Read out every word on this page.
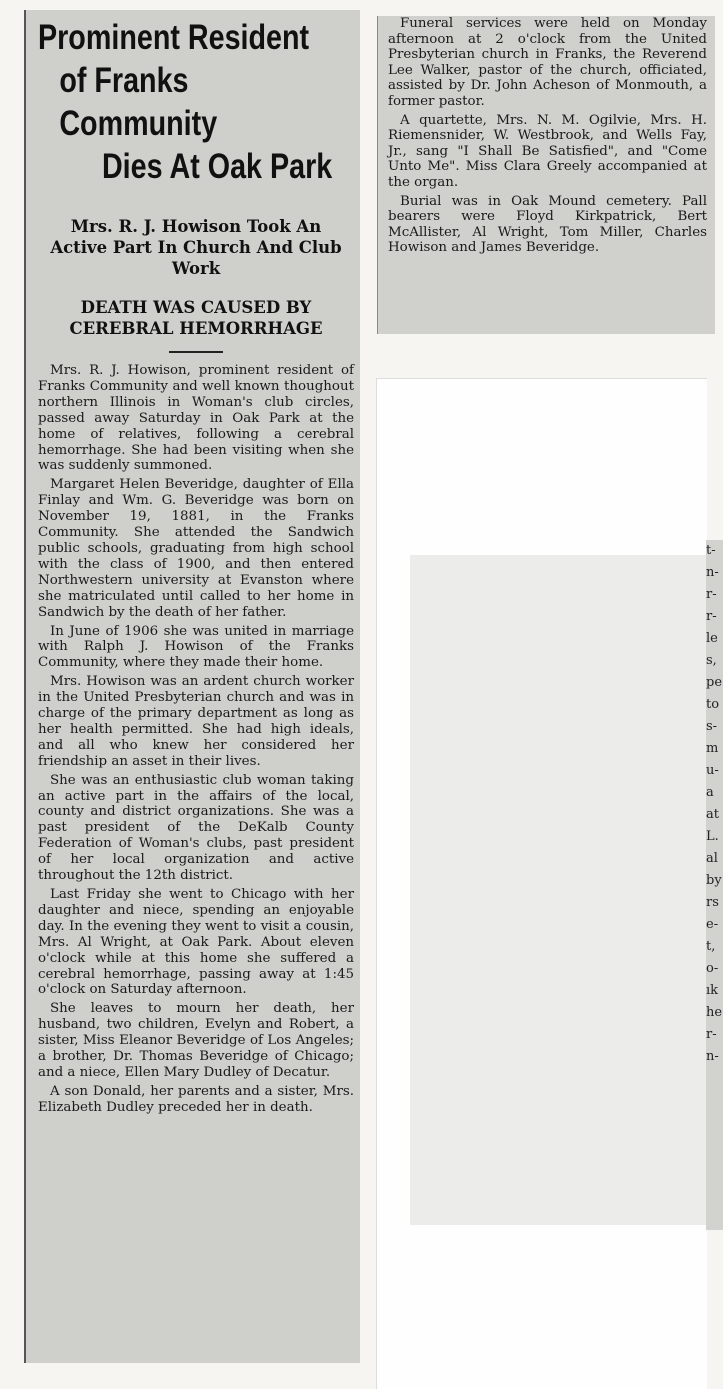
Prominent Resident
of Franks Community
Dies At Oak Park
Mrs. R. J. Howison Took An Active Part In Church And Club Work
DEATH WAS CAUSED BY CEREBRAL HEMORRHAGE

Mrs. R. J. Howison, prominent resident of Franks Community and well known thoughout northern Illinois in Woman's club circles, passed away Saturday in Oak Park at the home of relatives, following a cerebral hemorrhage. She had been visiting when she was suddenly summoned.

Margaret Helen Beveridge, daughter of Ella Finlay and Wm. G. Beveridge was born on November 19, 1881, in the Franks Community. She attended the Sandwich public schools, graduating from high school with the class of 1900, and then entered Northwestern university at Evanston where she matriculated until called to her home in Sandwich by the death of her father.

In June of 1906 she was united in marriage with Ralph J. Howison of the Franks Community, where they made their home.

Mrs. Howison was an ardent church worker in the United Presbyterian church and was in charge of the primary department as long as her health permitted. She had high ideals, and all who knew her considered her friendship an asset in their lives.

She was an enthusiastic club woman taking an active part in the affairs of the local, county and district organizations. She was a past president of the DeKalb County Federation of Woman's clubs, past president of her local organization and active throughout the 12th district.

Last Friday she went to Chicago with her daughter and niece, spending an enjoyable day. In the evening they went to visit a cousin, Mrs. Al Wright, at Oak Park. About eleven o'clock while at this home she suffered a cerebral hemorrhage, passing away at 1:45 o'clock on Saturday afternoon.

She leaves to mourn her death, her husband, two children, Evelyn and Robert, a sister, Miss Eleanor Beveridge of Los Angeles; a brother, Dr. Thomas Beveridge of Chicago; and a niece, Ellen Mary Dudley of Decatur.

A son Donald, her parents and a sister, Mrs. Elizabeth Dudley preceded her in death.

Funeral services were held on Monday afternoon at 2 o'clock from the United Presbyterian church in Franks, the Reverend Lee Walker, pastor of the church, officiated, assisted by Dr. John Acheson of Monmouth, a former pastor.

A quartette, Mrs. N. M. Ogilvie, Mrs. H. Riemensnider, W. Westbrook, and Wells Fay, Jr., sang "I Shall Be Satisfied", and "Come Unto Me". Miss Clara Greely accompanied at the organ.

Burial was in Oak Mound cemetery. Pall bearers were Floyd Kirkpatrick, Bert McAllister, Al Wright, Tom Miller, Charles Howison and James Beveridge.

t-
n-
r-
r-
le
s,
pe
to
s-
m
u-
a
at
L.
al
by
rs
e-
t,
o-
ık
he
r-
n-
